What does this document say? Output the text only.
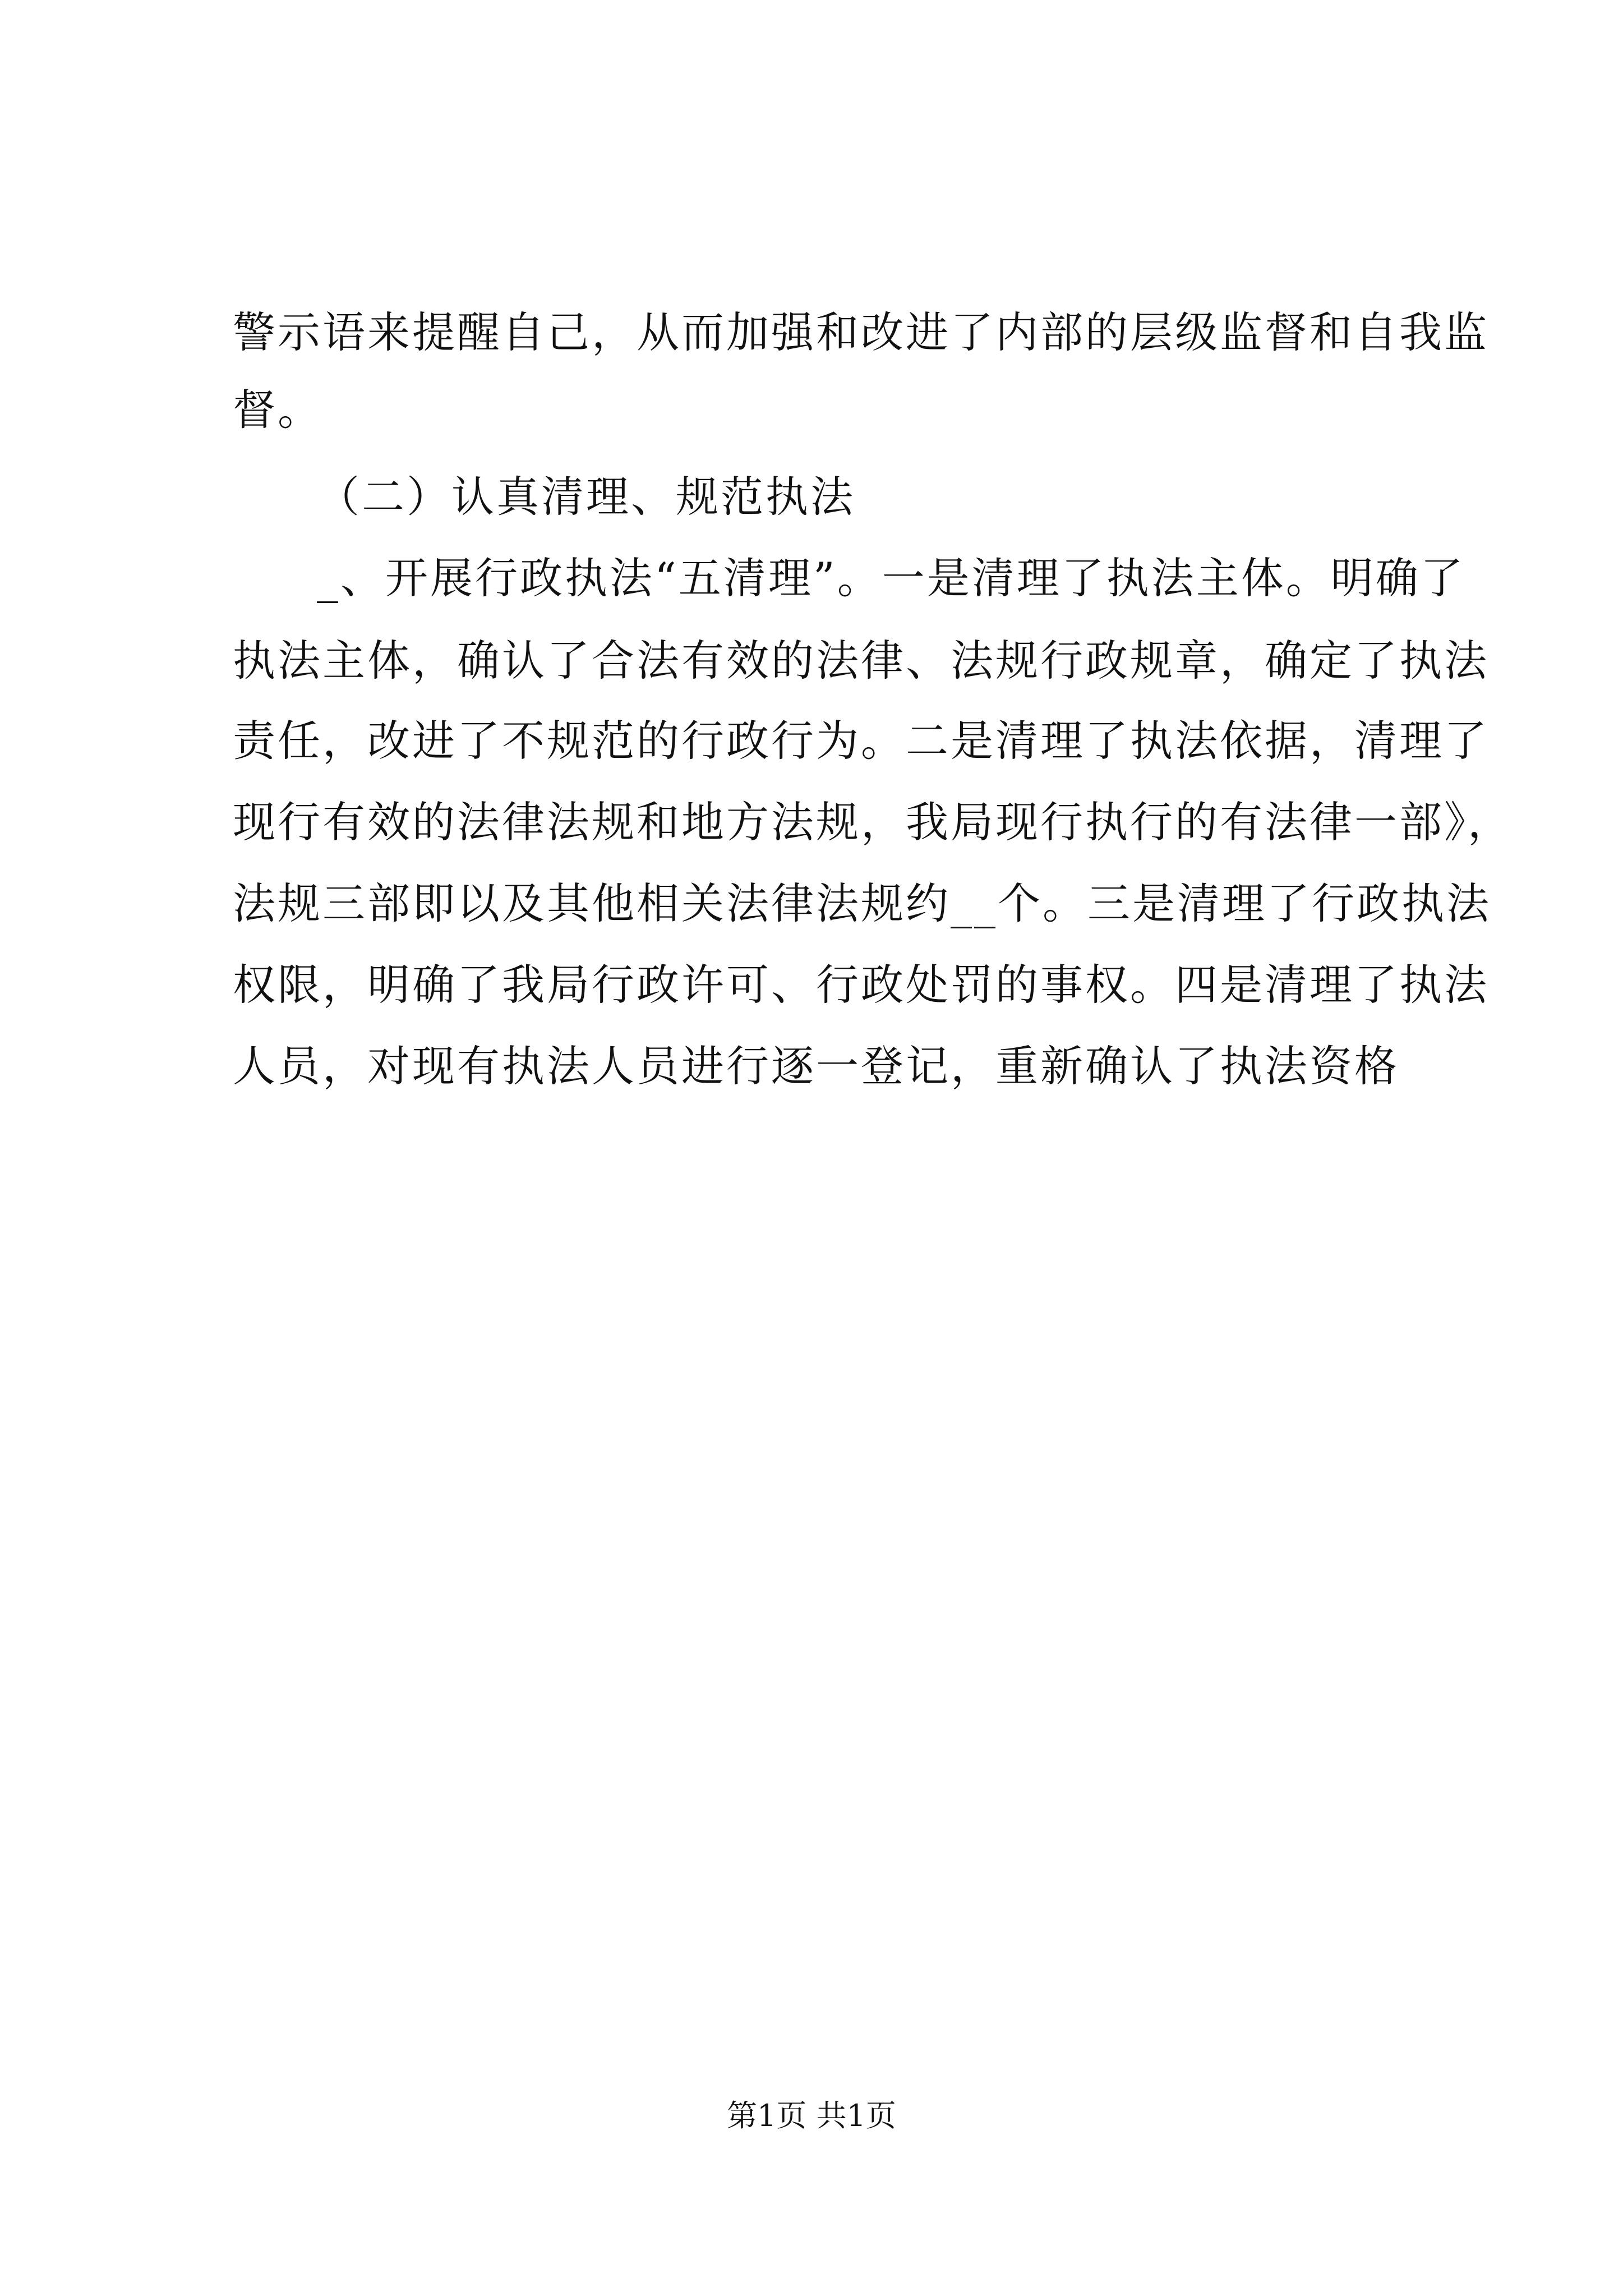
警示语来提醒自己，从而加强和改进了内部的层级监督和自我监
督。
（二）认真清理、规范执法
_、开展行政执法“五清理”。一是清理了执法主体。明确了
执法主体，确认了合法有效的法律、法规行政规章，确定了执法
责任，改进了不规范的行政行为。二是清理了执法依据，清理了
现行有效的法律法规和地方法规，我局现行执行的有法律一部》，
法规三部即以及其他相关法律法规约__个。三是清理了行政执法
权限，明确了我局行政许可、行政处罚的事权。四是清理了执法
人员，对现有执法人员进行逐一登记，重新确认了执法资格
第1页 共1页
